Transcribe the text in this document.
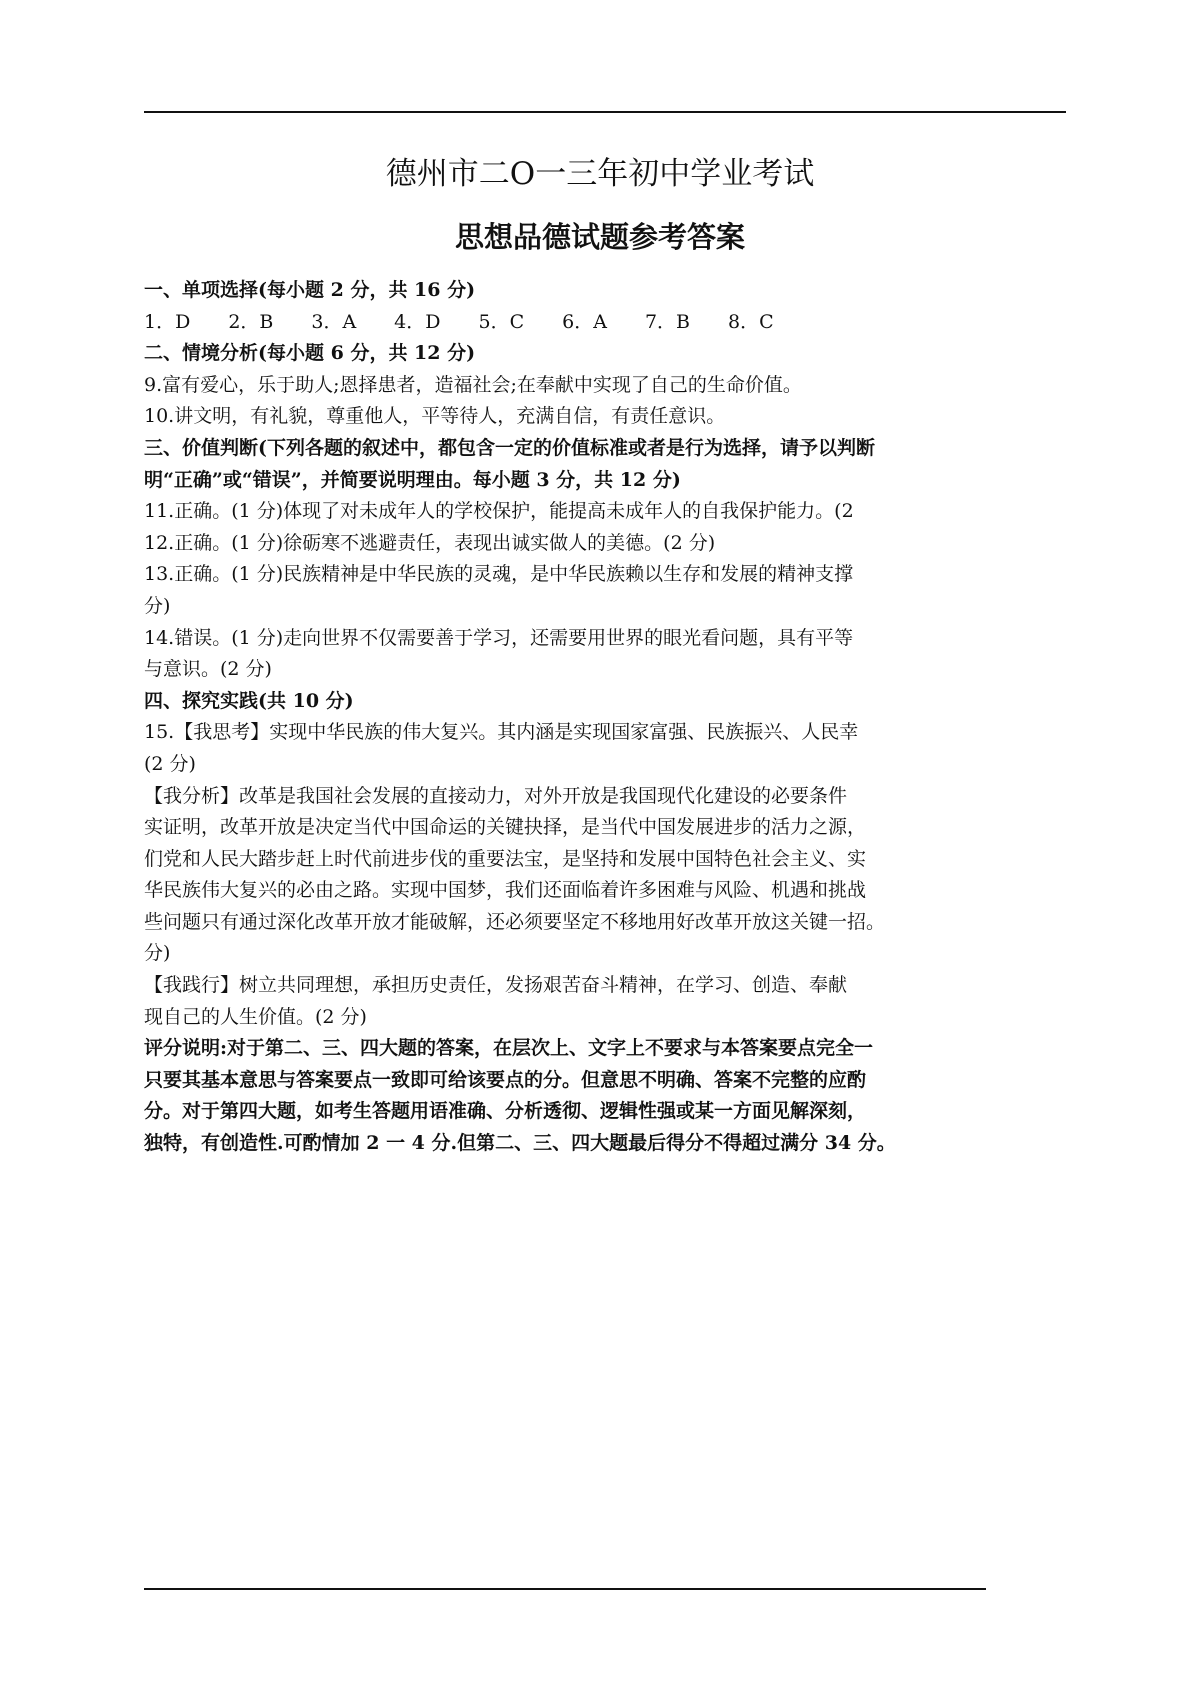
德州市二O一三年初中学业考试
思想品德试题参考答案
一、单项选择(每小题 2 分，共 16 分)
1．D　　2．B　　3．A　　4．D　　5．C　　6．A　　7．B　　8．C
二、情境分析(每小题 6 分，共 12 分)
9.富有爱心，乐于助人;恩择患者，造福社会;在奉献中实现了自己的生命价值。
10.讲文明，有礼貌，尊重他人，平等待人，充满自信，有责任意识。
三、价值判断(下列各题的叙述中，都包含一定的价值标准或者是行为选择，请予以判断
明“正确”或“错误”，并简要说明理由。每小题 3 分，共 12 分)
11.正确。(1 分)体现了对未成年人的学校保护，能提高未成年人的自我保护能力。(2
12.正确。(1 分)徐砺寒不逃避责任，表现出诚实做人的美德。(2 分)
13.正确。(1 分)民族精神是中华民族的灵魂，是中华民族赖以生存和发展的精神支撑
分)
14.错误。(1 分)走向世界不仅需要善于学习，还需要用世界的眼光看问题，具有平等
与意识。(2 分)
四、探究实践(共 10 分)
15.【我思考】实现中华民族的伟大复兴。其内涵是实现国家富强、民族振兴、人民幸
(2 分)
【我分析】改革是我国社会发展的直接动力，对外开放是我国现代化建设的必要条件
实证明，改革开放是决定当代中国命运的关键抉择，是当代中国发展进步的活力之源，
们党和人民大踏步赶上时代前进步伐的重要法宝，是坚持和发展中国特色社会主义、实
华民族伟大复兴的必由之路。实现中国梦，我们还面临着许多困难与风险、机遇和挑战
些问题只有通过深化改革开放才能破解，还必须要坚定不移地用好改革开放这关键一招。
分)
【我践行】树立共同理想，承担历史责任，发扬艰苦奋斗精神，在学习、创造、奉献
现自己的人生价值。(2 分)
评分说明:对于第二、三、四大题的答案，在层次上、文字上不要求与本答案要点完全一
只要其基本意思与答案要点一致即可给该要点的分。但意思不明确、答案不完整的应酌
分。对于第四大题，如考生答题用语准确、分析透彻、逻辑性强或某一方面见解深刻，
独特，有创造性.可酌情加 2 一 4 分.但第二、三、四大题最后得分不得超过满分 34 分。
